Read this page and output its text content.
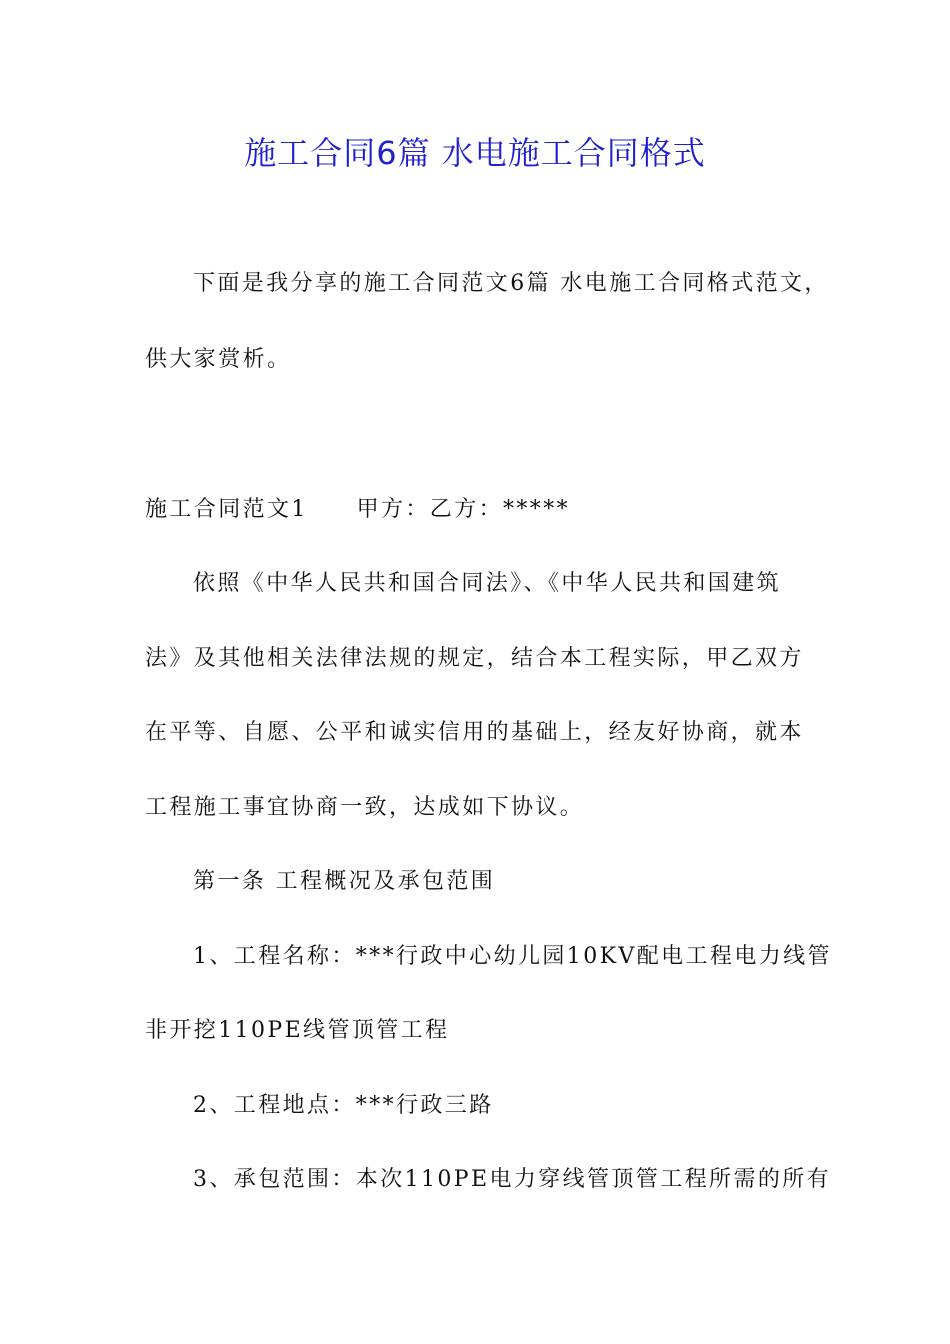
施工合同6篇 水电施工合同格式
下面是我分享的施工合同范文6篇 水电施工合同格式范文，
供大家赏析。
施工合同范文1　　甲方：乙方：*****
依照《中华人民共和国合同法》、《中华人民共和国建筑
法》及其他相关法律法规的规定，结合本工程实际，甲乙双方
在平等、自愿、公平和诚实信用的基础上，经友好协商，就本
工程施工事宜协商一致，达成如下协议。
第一条 工程概况及承包范围
1、工程名称：***行政中心幼儿园10KV配电工程电力线管
非开挖110PE线管顶管工程
2、工程地点：***行政三路
3、承包范围：本次110PE电力穿线管顶管工程所需的所有
